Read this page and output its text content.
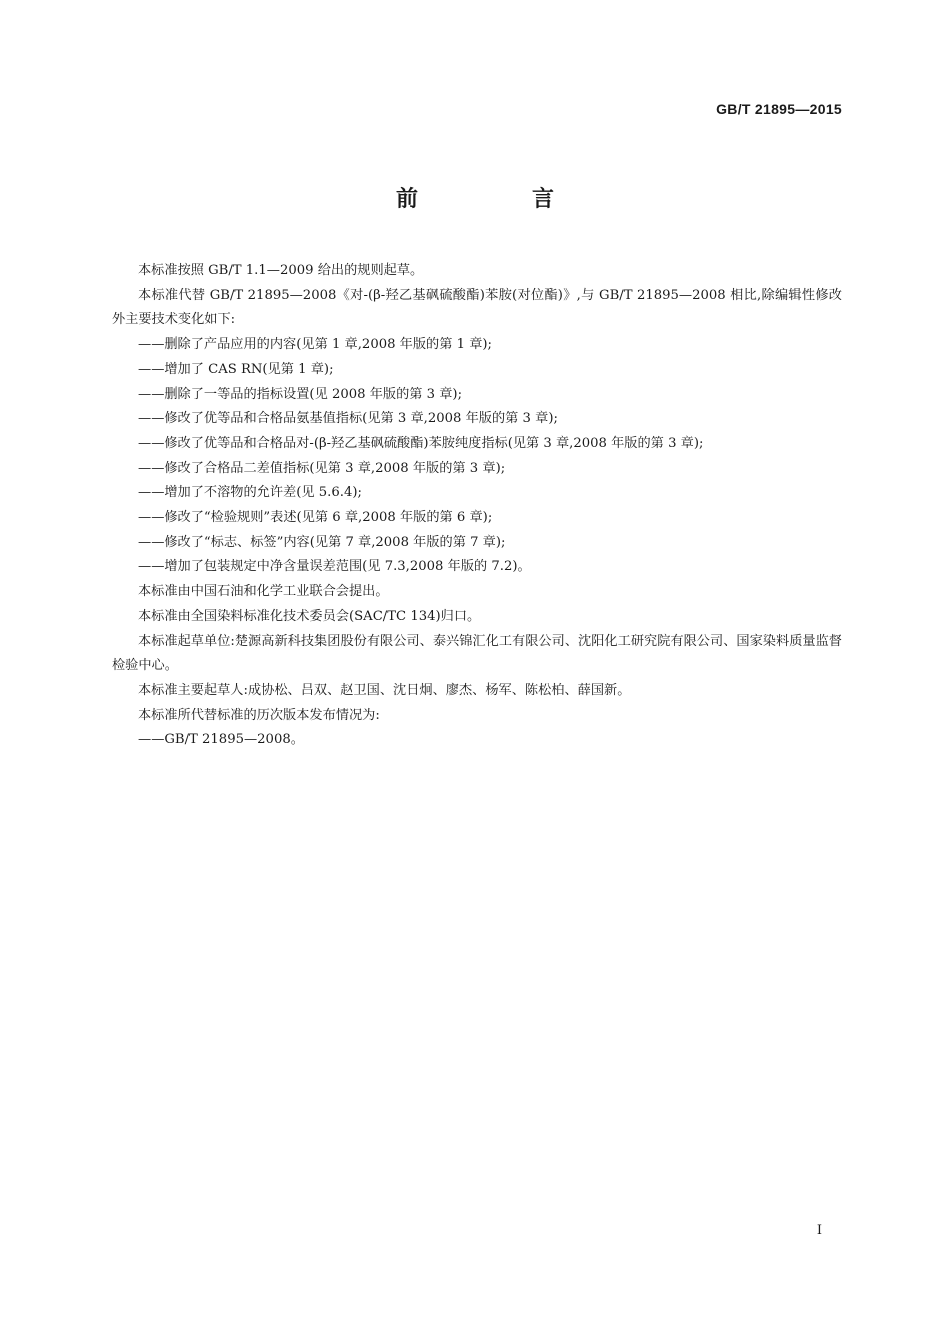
GB/T 21895—2015
前　言

本标准按照 GB/T 1.1—2009 给出的规则起草。

本标准代替 GB/T 21895—2008《对-(β-羟乙基砜硫酸酯)苯胺(对位酯)》,与 GB/T 21895—2008 相比,除编辑性修改外主要技术变化如下:

——删除了产品应用的内容(见第 1 章,2008 年版的第 1 章);

——增加了 CAS RN(见第 1 章);

——删除了一等品的指标设置(见 2008 年版的第 3 章);

——修改了优等品和合格品氨基值指标(见第 3 章,2008 年版的第 3 章);

——修改了优等品和合格品对-(β-羟乙基砜硫酸酯)苯胺纯度指标(见第 3 章,2008 年版的第 3 章);

——修改了合格品二差值指标(见第 3 章,2008 年版的第 3 章);

——增加了不溶物的允许差(见 5.6.4);

——修改了“检验规则”表述(见第 6 章,2008 年版的第 6 章);

——修改了“标志、标签”内容(见第 7 章,2008 年版的第 7 章);

——增加了包装规定中净含量误差范围(见 7.3,2008 年版的 7.2)。

本标准由中国石油和化学工业联合会提出。

本标准由全国染料标准化技术委员会(SAC/TC 134)归口。

本标准起草单位:楚源高新科技集团股份有限公司、泰兴锦汇化工有限公司、沈阳化工研究院有限公司、国家染料质量监督检验中心。

本标准主要起草人:成协松、吕双、赵卫国、沈日炯、廖杰、杨军、陈松柏、薛国新。

本标准所代替标准的历次版本发布情况为:

——GB/T 21895—2008。

I
